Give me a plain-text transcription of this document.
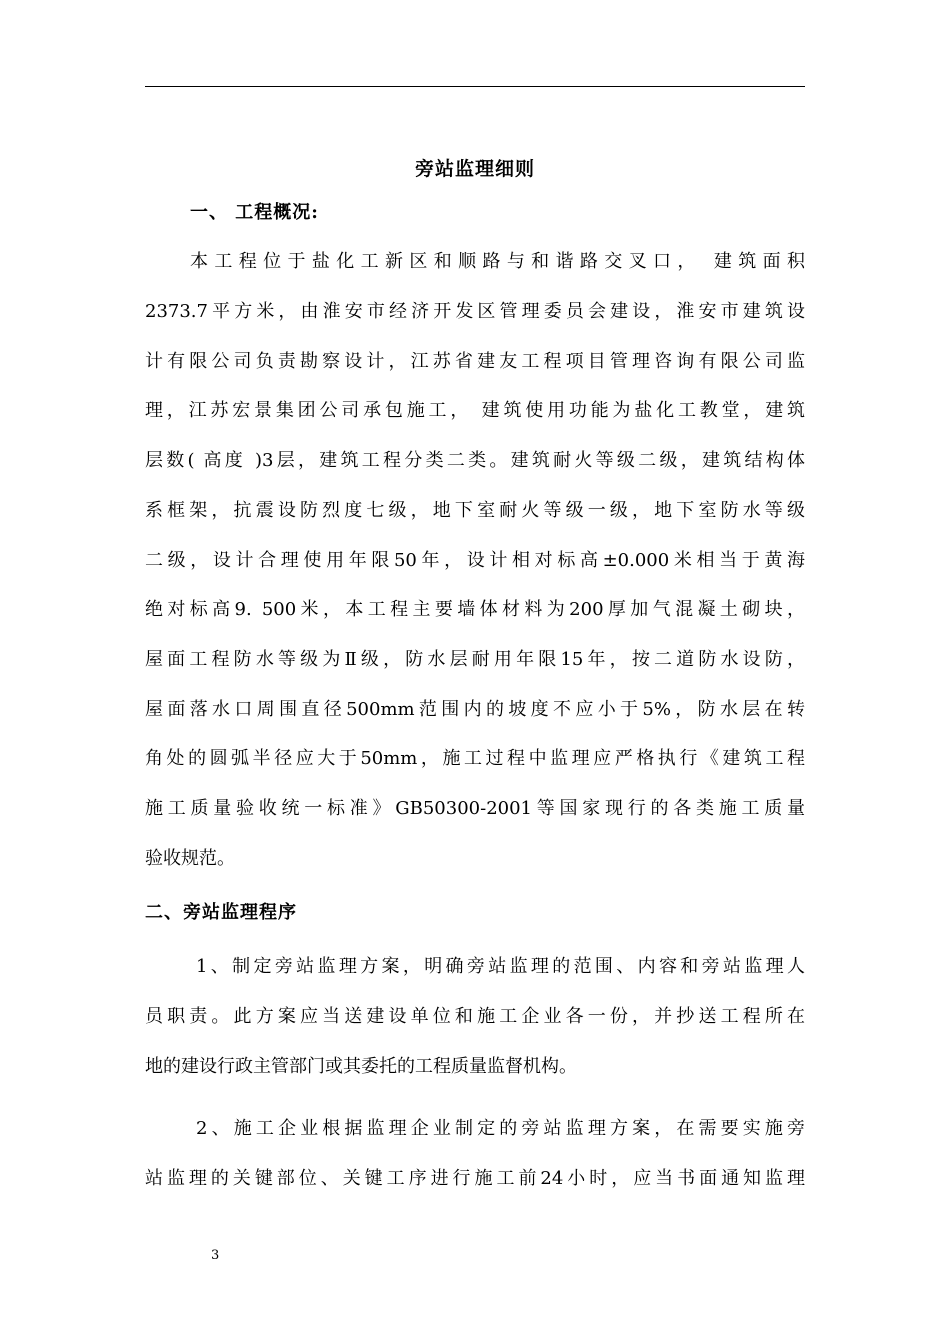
旁站监理细则
一、 工程概况:
本工程位于盐化工新区和顺路与和谐路交叉口， 建筑面积
2373.7平方米，由淮安市经济开发区管理委员会建设，淮安市建筑设
计有限公司负责勘察设计，江苏省建友工程项目管理咨询有限公司监
理，江苏宏景集团公司承包施工， 建筑使用功能为盐化工教堂，建筑
层数( 高度 )3层，建筑工程分类二类。建筑耐火等级二级，建筑结构体
系框架，抗震设防烈度七级，地下室耐火等级一级，地下室防水等级
二级，设计合理使用年限50年，设计相对标高±0.000米相当于黄海
绝对标高9. 500米，本工程主要墙体材料为200厚加气混凝土砌块，
屋面工程防水等级为Ⅱ级，防水层耐用年限15年，按二道防水设防，
屋面落水口周围直径500mm范围内的坡度不应小于5%，防水层在转
角处的圆弧半径应大于50mm，施工过程中监理应严格执行《建筑工程
施工质量验收统一标准》GB50300-2001等国家现行的各类施工质量
验收规范。
二、旁站监理程序
1、制定旁站监理方案，明确旁站监理的范围、内容和旁站监理人
员职责。此方案应当送建设单位和施工企业各一份，并抄送工程所在
地的建设行政主管部门或其委托的工程质量监督机构。
2、施工企业根据监理企业制定的旁站监理方案，在需要实施旁
站监理的关键部位、关键工序进行施工前24小时，应当书面通知监理
3
